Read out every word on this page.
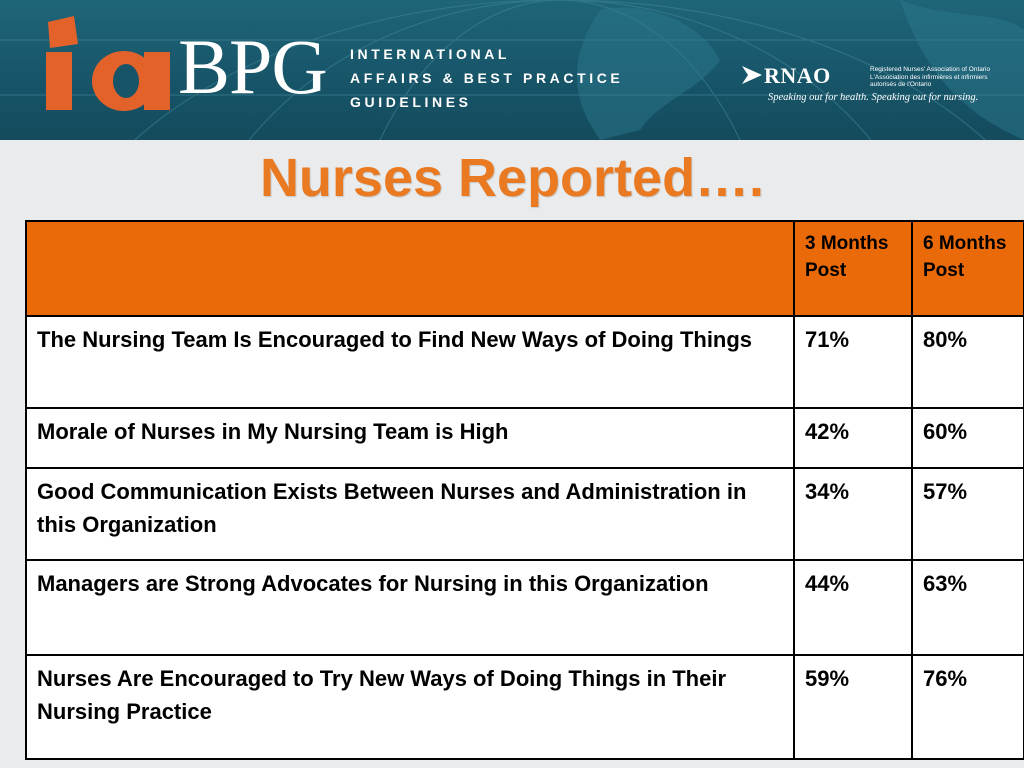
BPG INTERNATIONAL
AFFAIRS & BEST PRACTICE
GUIDELINES
RNAO	Registered Nurses' Association of Ontario
L'Association des infirmières et infirmiers
autorisés de l'Ontario
Speaking out for health. Speaking out for nursing.
Nurses Reported….
	3 Months Post	6 Months Post
The Nursing Team Is Encouraged to Find New Ways of Doing Things	71%	80%
Morale of Nurses in My Nursing Team is High	42%	60%
Good Communication Exists Between Nurses and Administration in this Organization	34%	57%
Managers are Strong Advocates for Nursing in this Organization	44%	63%
Nurses Are Encouraged to Try New Ways of Doing Things in Their Nursing Practice	59%	76%
